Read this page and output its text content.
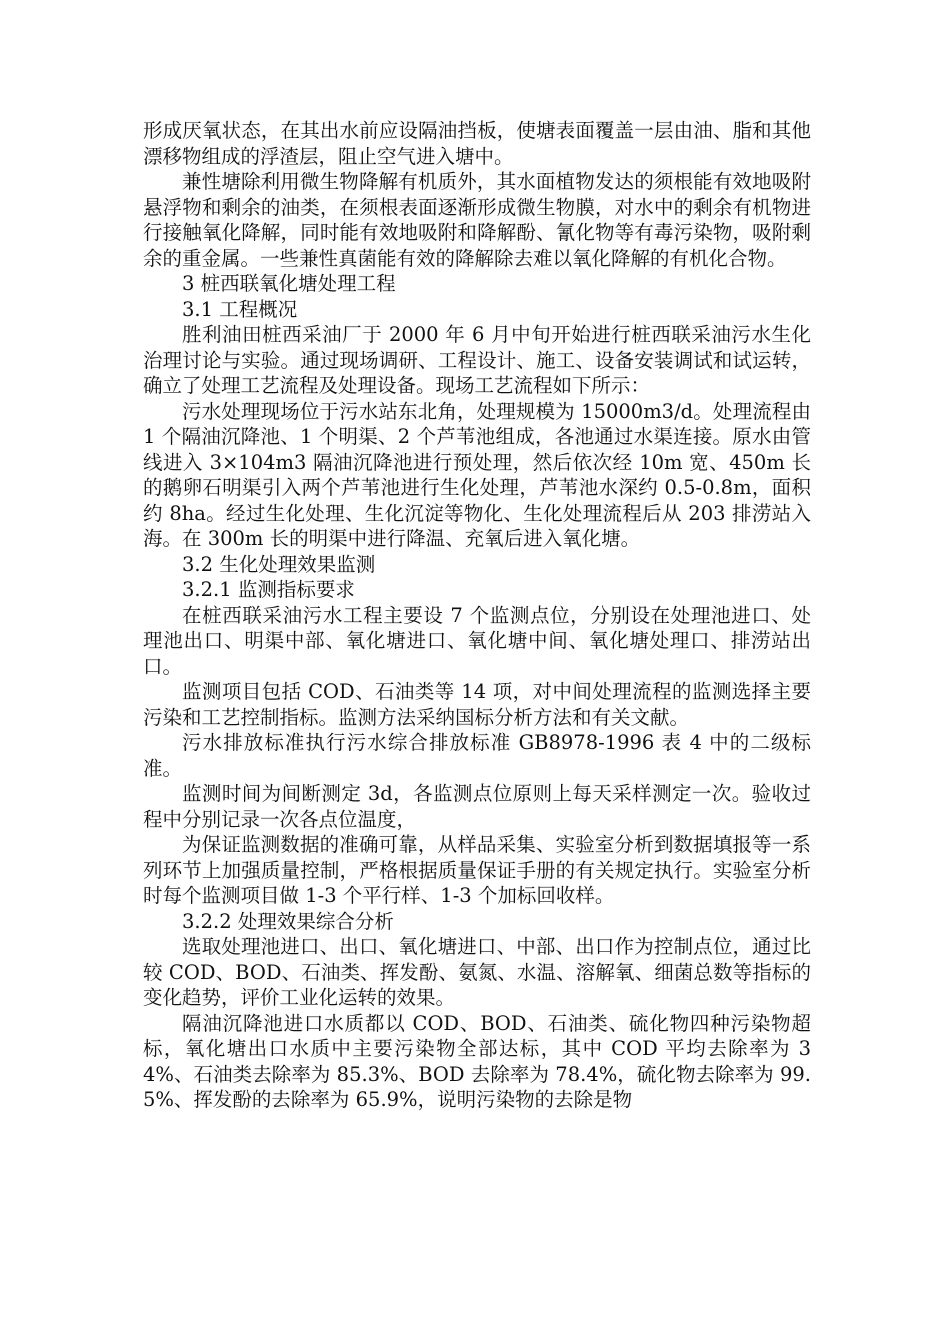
形成厌氧状态，在其出水前应设隔油挡板，使塘表面覆盖一层由油、脂和其他漂移物组成的浮渣层，阻止空气进入塘中。

兼性塘除利用微生物降解有机质外，其水面植物发达的须根能有效地吸附悬浮物和剩余的油类，在须根表面逐渐形成微生物膜，对水中的剩余有机物进行接触氧化降解，同时能有效地吸附和降解酚、氰化物等有毒污染物，吸附剩余的重金属。一些兼性真菌能有效的降解除去难以氧化降解的有机化合物。

3 桩西联氧化塘处理工程

3.1 工程概况

胜利油田桩西采油厂于 2000 年 6 月中旬开始进行桩西联采油污水生化治理讨论与实验。通过现场调研、工程设计、施工、设备安装调试和试运转，确立了处理工艺流程及处理设备。现场工艺流程如下所示：

污水处理现场位于污水站东北角，处理规模为 15000m3/d。处理流程由 1 个隔油沉降池、1 个明渠、2 个芦苇池组成，各池通过水渠连接。原水由管线进入 3×104m3 隔油沉降池进行预处理，然后依次经 10m 宽、450m 长的鹅卵石明渠引入两个芦苇池进行生化处理，芦苇池水深约 0.5-0.8m，面积约 8ha。经过生化处理、生化沉淀等物化、生化处理流程后从 203 排涝站入海。在 300m 长的明渠中进行降温、充氧后进入氧化塘。

3.2 生化处理效果监测

3.2.1 监测指标要求

在桩西联采油污水工程主要设 7 个监测点位，分别设在处理池进口、处理池出口、明渠中部、氧化塘进口、氧化塘中间、氧化塘处理口、排涝站出口。

监测项目包括 COD、石油类等 14 项，对中间处理流程的监测选择主要污染和工艺控制指标。监测方法采纳国标分析方法和有关文献。

污水排放标准执行污水综合排放标准 GB8978-1996 表 4 中的二级标准。

监测时间为间断测定 3d，各监测点位原则上每天采样测定一次。验收过程中分别记录一次各点位温度，

为保证监测数据的准确可靠，从样品采集、实验室分析到数据填报等一系列环节上加强质量控制，严格根据质量保证手册的有关规定执行。实验室分析时每个监测项目做 1-3 个平行样、1-3 个加标回收样。

3.2.2 处理效果综合分析

选取处理池进口、出口、氧化塘进口、中部、出口作为控制点位，通过比较 COD、BOD、石油类、挥发酚、氨氮、水温、溶解氧、细菌总数等指标的变化趋势，评价工业化运转的效果。

隔油沉降池进口水质都以 COD、BOD、石油类、硫化物四种污染物超标，氧化塘出口水质中主要污染物全部达标，其中 COD 平均去除率为 34%、石油类去除率为 85.3%、BOD 去除率为 78.4%，硫化物去除率为 99.5%、挥发酚的去除率为 65.9%，说明污染物的去除是物
